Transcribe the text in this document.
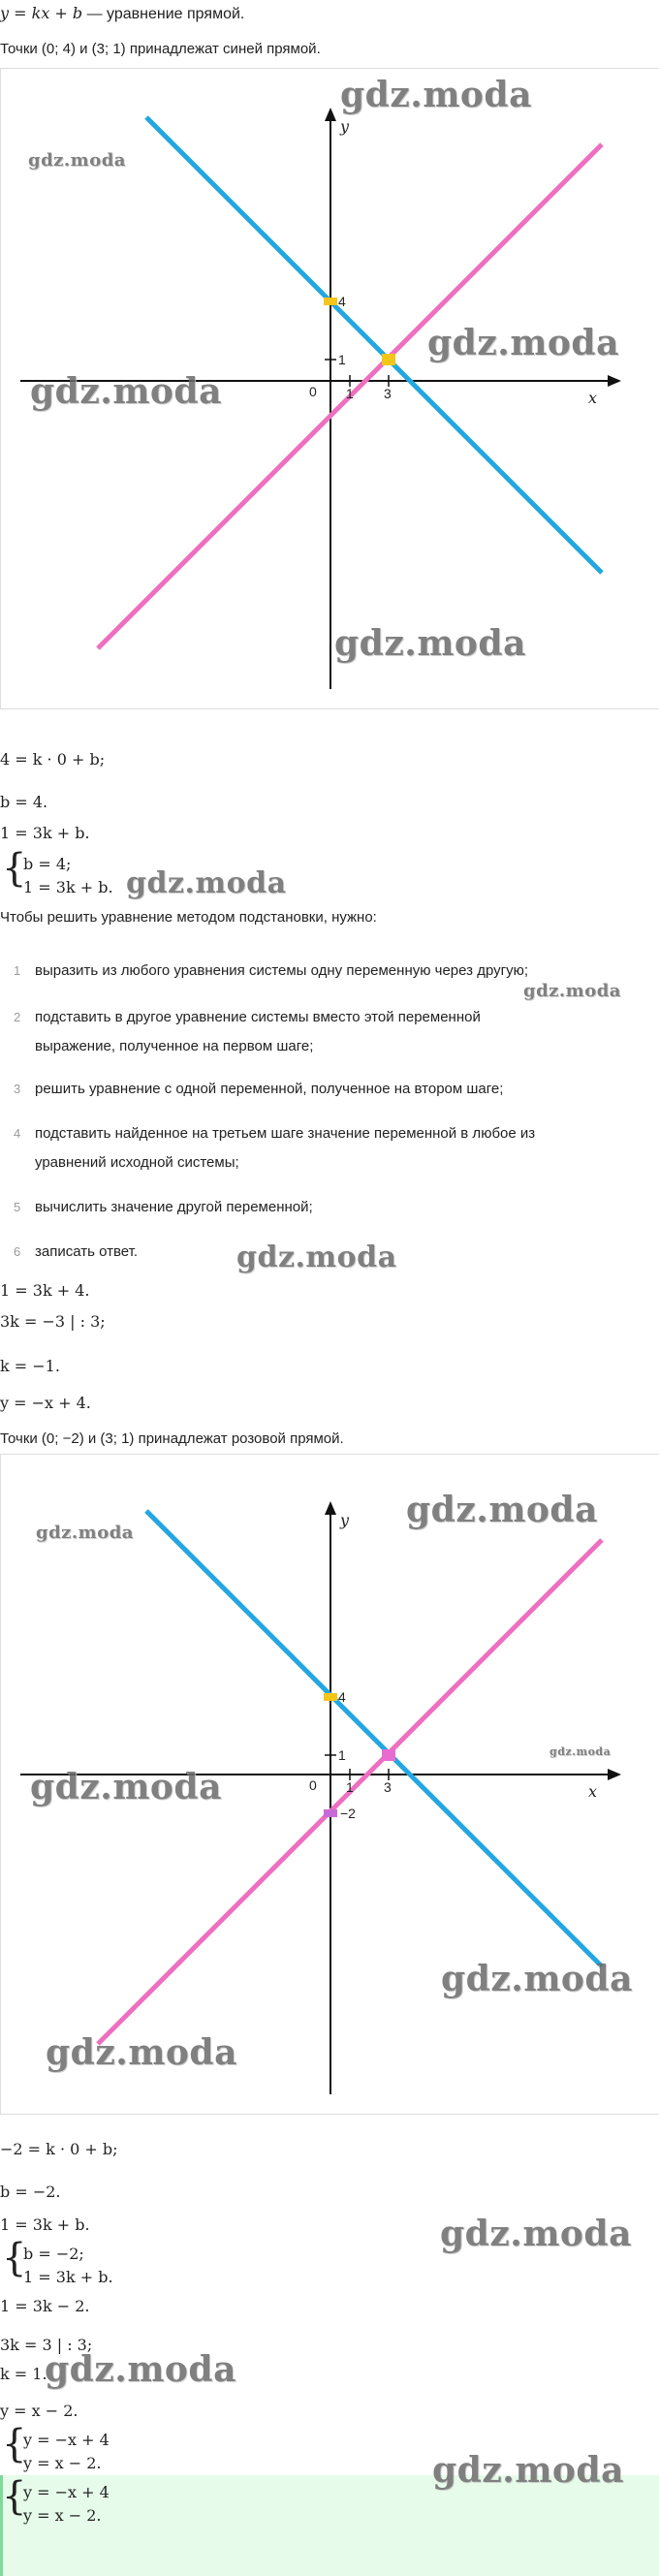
y = kx + b — уравнение прямой.
Точки (0; 4) и (3; 1) принадлежат синей прямой.
y
x
0 1 3
1
4
gdz.moda
gdz.moda
gdz.moda
gdz.moda
gdz.moda
4 = k · 0 + b;
b = 4.
1 = 3k + b.
{
b = 4;
1 = 3k + b. gdz.moda
Чтобы решить уравнение методом подстановки, нужно:
1 выразить из любого уравнения системы одну переменную через другую;
2 подставить в другое уравнение системы вместо этой переменной
выражение, полученное на первом шаге;
3 решить уравнение с одной переменной, полученное на втором шаге;
4 подставить найденное на третьем шаге значение переменной в любое из
уравнений исходной системы;
5 вычислить значение другой переменной;
6 записать ответ.
gdz.moda
gdz.moda
1 = 3k + 4.
3k = −3 | : 3;
k = −1.
y = −x + 4.
Точки (0; −2) и (3; 1) принадлежат розовой прямой.
y
x
0 1 3
1
4
−2
gdz.moda
gdz.moda
gdz.moda
gdz.moda
gdz.moda
gdz.moda
−2 = k · 0 + b;
b = −2.
1 = 3k + b.
{
b = −2;
1 = 3k + b.
1 = 3k − 2.
3k = 3 | : 3;
k = 1.
y = x − 2.
{
y = −x + 4
y = x − 2.
{
y = −x + 4
y = x − 2.
gdz.moda
gdz.moda
gdz.moda
